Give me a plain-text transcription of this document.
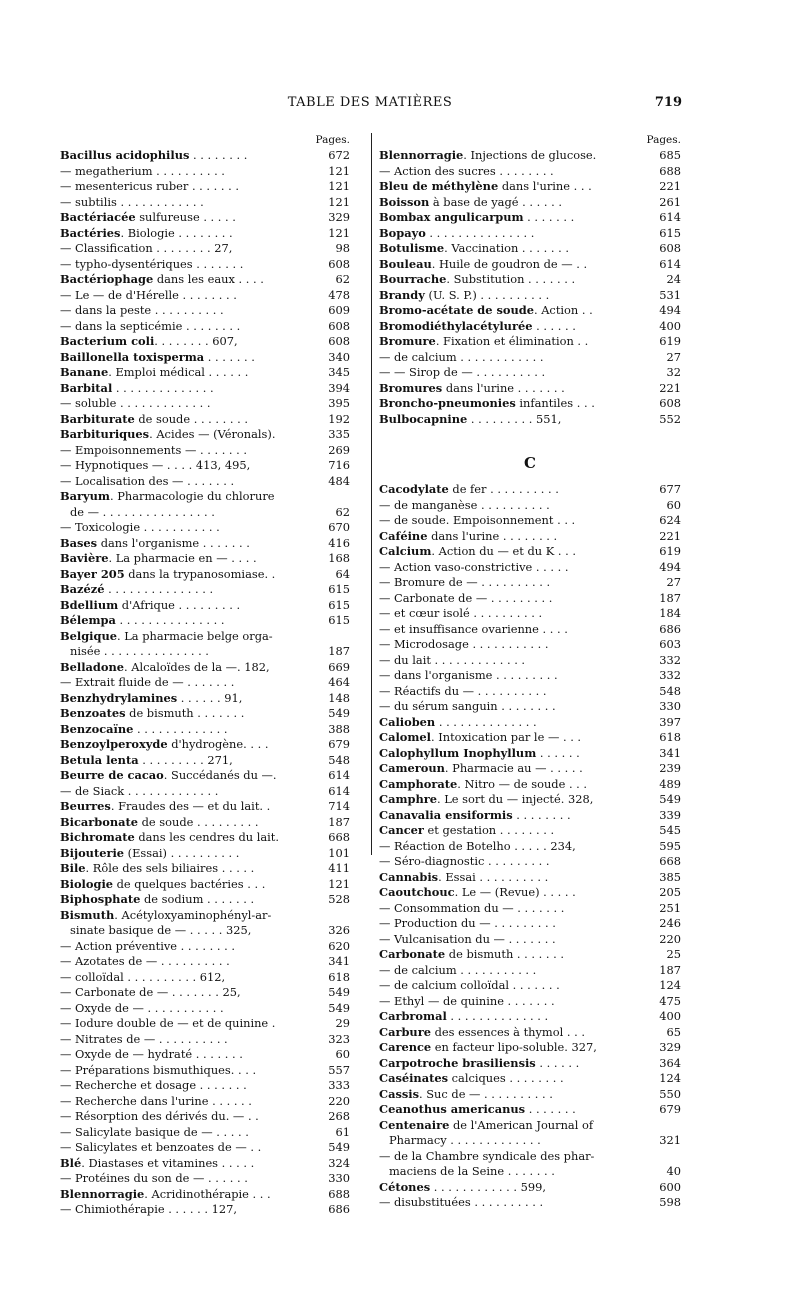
TABLE DES MATIÈRES	719
Pages.
Bacillus acidophilus . . . . . . . .	672
— megatherium . . . . . . . . . .	121
— mesentericus ruber . . . . . . .	121
— subtilis . . . . . . . . . . . .	121
Bactériacée sulfureuse . . . . .	329
Bactéries. Biologie . . . . . . . .	121
— Classification . . . . . . . . 27,	98
— typho-dysentériques . . . . . . .	608
Bactériophage dans les eaux . . . .	62
— Le — de d'Hérelle . . . . . . . .	478
— dans la peste . . . . . . . . . .	609
— dans la septicémie . . . . . . . .	608
Bacterium coli. . . . . . . . 607,	608
Baillonella toxisperma . . . . . . .	340
Banane. Emploi médical . . . . . .	345
Barbital . . . . . . . . . . . . . .	394
— soluble . . . . . . . . . . . . .	395
Barbiturate de soude . . . . . . . .	192
Barbituriques. Acides — (Véronals).	335
— Empoisonnements — . . . . . . .	269
— Hypnotiques — . . . . 413, 495,	716
— Localisation des — . . . . . . .	484
Baryum. Pharmacologie du chlorure
de — . . . . . . . . . . . . . . . .	62
— Toxicologie . . . . . . . . . . .	670
Bases dans l'organisme . . . . . . .	416
Bavière. La pharmacie en — . . . .	168
Bayer 205 dans la trypanosomiase. .	64
Bazézé . . . . . . . . . . . . . . .	615
Bdellium d'Afrique . . . . . . . . .	615
Bélempa . . . . . . . . . . . . . . .	615
Belgique. La pharmacie belge orga-
nisée . . . . . . . . . . . . . . .	187
Belladone. Alcaloïdes de la —. 182,	669
— Extrait fluide de — . . . . . . .	464
Benzhydrylamines . . . . . . 91,	148
Benzoates de bismuth . . . . . . .	549
Benzocaïne . . . . . . . . . . . . .	388
Benzoylperoxyde d'hydrogène. . . .	679
Betula lenta . . . . . . . . . 271,	548
Beurre de cacao. Succédanés du —.	614
— de Siack . . . . . . . . . . . . .	614
Beurres. Fraudes des — et du lait. .	714
Bicarbonate de soude . . . . . . . . .	187
Bichromate dans les cendres du lait.	668
Bijouterie (Essai) . . . . . . . . . .	101
Bile. Rôle des sels biliaires . . . . .	411
Biologie de quelques bactéries . . .	121
Biphosphate de sodium . . . . . . .	528
Bismuth. Acétyloxyaminophényl-ar-
sinate basique de — . . . . . 325,	326
— Action préventive . . . . . . . .	620
— Azotates de — . . . . . . . . . .	341
— colloïdal . . . . . . . . . . 612,	618
— Carbonate de — . . . . . . . 25,	549
— Oxyde de — . . . . . . . . . . .	549
— Iodure double de — et de quinine .	29
— Nitrates de — . . . . . . . . . .	323
— Oxyde de — hydraté . . . . . . .	60
— Préparations bismuthiques. . . .	557
— Recherche et dosage . . . . . . .	333
— Recherche dans l'urine . . . . . .	220
— Résorption des dérivés du. — . .	268
— Salicylate basique de — . . . . .	61
— Salicylates et benzoates de — . .	549
Blé. Diastases et vitamines . . . . .	324
— Protéines du son de — . . . . . .	330
Blennorragie. Acridinothérapie . . .	688
— Chimiothérapie . . . . . . 127,	686
Pages.
Blennorragie. Injections de glucose.	685
— Action des sucres . . . . . . . .	688
Bleu de méthylène dans l'urine . . .	221
Boisson à base de yagé . . . . . .	261
Bombax angulicarpum . . . . . . .	614
Bopayo . . . . . . . . . . . . . . .	615
Botulisme. Vaccination . . . . . . .	608
Bouleau. Huile de goudron de — . .	614
Bourrache. Substitution . . . . . . .	24
Brandy (U. S. P.) . . . . . . . . . .	531
Bromo-acétate de soude. Action . .	494
Bromodiéthylacétylurée . . . . . .	400
Bromure. Fixation et élimination . .	619
— de calcium . . . . . . . . . . . .	27
— — Sirop de — . . . . . . . . . .	32
Bromures dans l'urine . . . . . . .	221
Broncho-pneumonies infantiles . . .	608
Bulbocapnine . . . . . . . . . 551,	552
C
Cacodylate de fer . . . . . . . . . .	677
— de manganèse . . . . . . . . . .	60
— de soude. Empoisonnement . . .	624
Caféine dans l'urine . . . . . . . .	221
Calcium. Action du — et du K . . .	619
— Action vaso-constrictive . . . . .	494
— Bromure de — . . . . . . . . . .	27
— Carbonate de — . . . . . . . . .	187
— et cœur isolé . . . . . . . . . .	184
— et insuffisance ovarienne . . . .	686
— Microdosage . . . . . . . . . . .	603
— du lait . . . . . . . . . . . . .	332
— dans l'organisme . . . . . . . . .	332
— Réactifs du — . . . . . . . . . .	548
— du sérum sanguin . . . . . . . .	330
Calioben . . . . . . . . . . . . . .	397
Calomel. Intoxication par le — . . .	618
Calophyllum Inophyllum . . . . . .	341
Cameroun. Pharmacie au — . . . . .	239
Camphorate. Nitro — de soude . . .	489
Camphre. Le sort du — injecté. 328,	549
Canavalia ensiformis . . . . . . . .	339
Cancer et gestation . . . . . . . .	545
— Réaction de Botelho . . . . . 234,	595
— Séro-diagnostic . . . . . . . . .	668
Cannabis. Essai . . . . . . . . . .	385
Caoutchouc. Le — (Revue) . . . . .	205
— Consommation du — . . . . . . .	251
— Production du — . . . . . . . . .	246
— Vulcanisation du — . . . . . . .	220
Carbonate de bismuth . . . . . . .	25
— de calcium . . . . . . . . . . .	187
— de calcium colloïdal . . . . . . .	124
— Ethyl — de quinine . . . . . . .	475
Carbromal . . . . . . . . . . . . . .	400
Carbure des essences à thymol . . .	65
Carence en facteur lipo-soluble. 327,	329
Carpotroche brasiliensis . . . . . .	364
Caséinates calciques . . . . . . . .	124
Cassis. Suc de — . . . . . . . . . .	550
Ceanothus americanus . . . . . . .	679
Centenaire de l'American Journal of
Pharmacy . . . . . . . . . . . . .	321
— de la Chambre syndicale des phar-
maciens de la Seine . . . . . . .	40
Cétones . . . . . . . . . . . . 599,	600
— disubstituées . . . . . . . . . .	598
